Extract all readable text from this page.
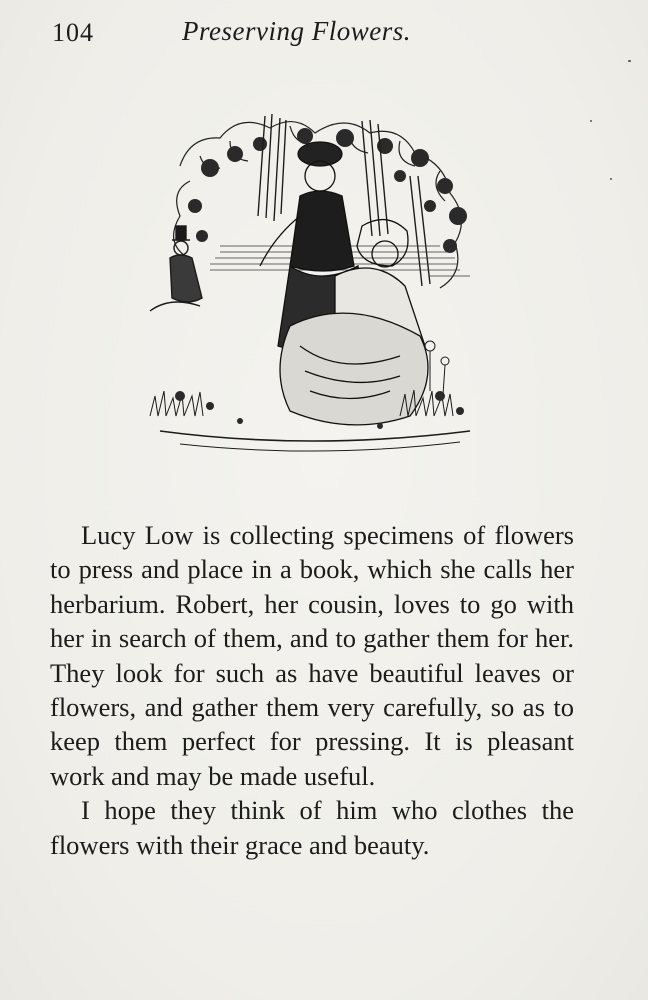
104	Preserving Flowers.

Lucy Low is collecting specimens of flowers to press and place in a book, which she calls her herbarium. Robert, her cousin, loves to go with her in search of them, and to gather them for her. They look for such as have beautiful leaves or flowers, and gather them very carefully, so as to keep them perfect for pressing. It is pleasant work and may be made useful.

I hope they think of him who clothes the flowers with their grace and beauty.
